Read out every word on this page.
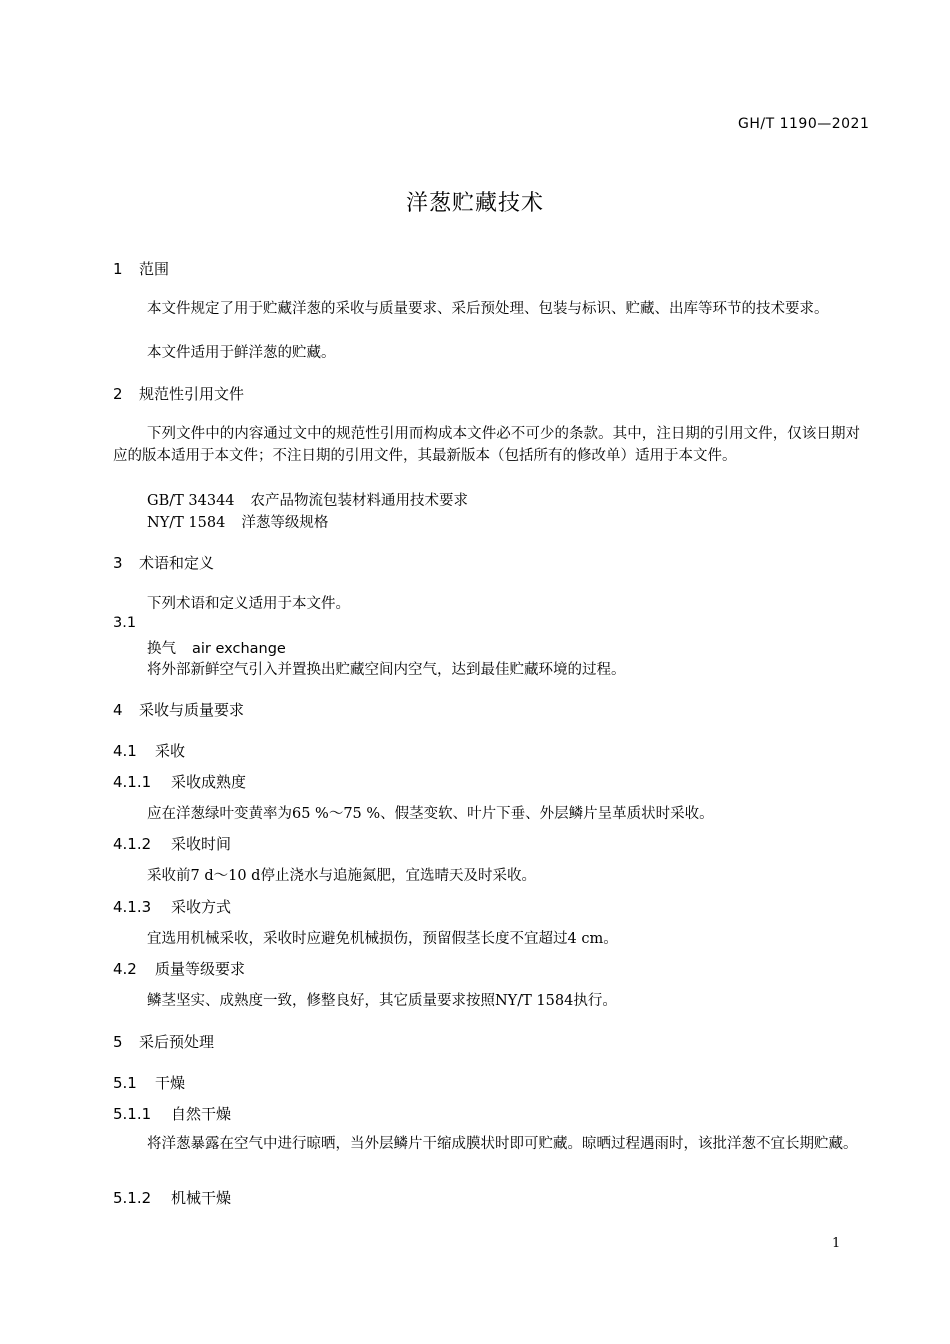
GH/T 1190—2021
洋葱贮藏技术
1 范围
本文件规定了用于贮藏洋葱的采收与质量要求、采后预处理、包装与标识、贮藏、出库等环节的技术要求。
本文件适用于鲜洋葱的贮藏。
2 规范性引用文件
下列文件中的内容通过文中的规范性引用而构成本文件必不可少的条款。其中，注日期的引用文件，仅该日期对应的版本适用于本文件；不注日期的引用文件，其最新版本（包括所有的修改单）适用于本文件。
GB/T 34344 农产品物流包装材料通用技术要求
NY/T 1584 洋葱等级规格
3 术语和定义
下列术语和定义适用于本文件。
3.1
换气 air exchange
将外部新鲜空气引入并置换出贮藏空间内空气，达到最佳贮藏环境的过程。
4 采收与质量要求
4.1 采收
4.1.1 采收成熟度
应在洋葱绿叶变黄率为65 %～75 %、假茎变软、叶片下垂、外层鳞片呈革质状时采收。
4.1.2 采收时间
采收前7 d～10 d停止浇水与追施氮肥，宜选晴天及时采收。
4.1.3 采收方式
宜选用机械采收，采收时应避免机械损伤，预留假茎长度不宜超过4 cm。
4.2 质量等级要求
鳞茎坚实、成熟度一致，修整良好，其它质量要求按照NY/T 1584执行。
5 采后预处理
5.1 干燥
5.1.1 自然干燥
将洋葱暴露在空气中进行晾晒，当外层鳞片干缩成膜状时即可贮藏。晾晒过程遇雨时，该批洋葱不宜长期贮藏。
5.1.2 机械干燥
1
